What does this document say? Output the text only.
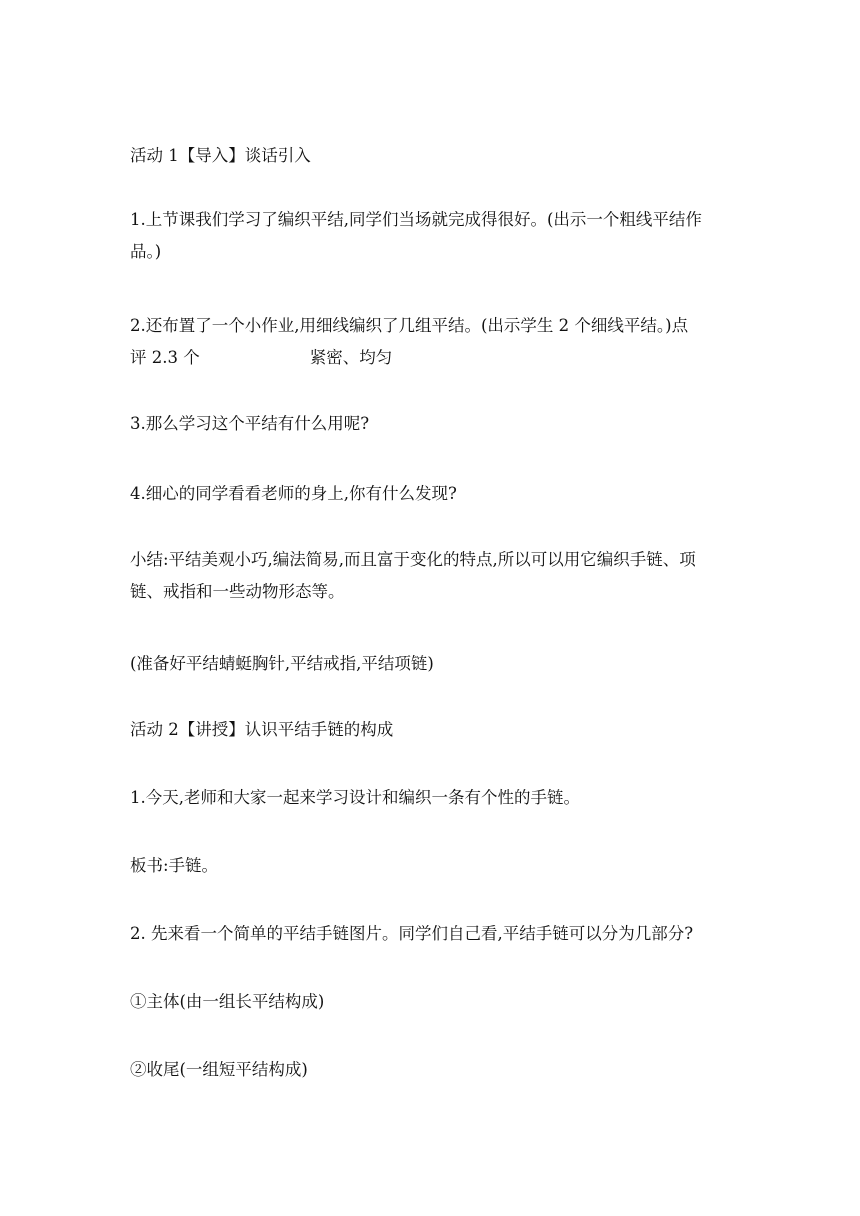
活动 1【导入】谈话引入

1.上节课我们学习了编织平结,同学们当场就完成得很好。(出示一个粗线平结作
品。)

2.还布置了一个小作业,用细线编织了几组平结。(出示学生 2 个细线平结。)点
评 2.3 个	紧密、均匀

3.那么学习这个平结有什么用呢?

4.细心的同学看看老师的身上,你有什么发现?

小结:平结美观小巧,编法简易,而且富于变化的特点,所以可以用它编织手链、项
链、戒指和一些动物形态等。

(准备好平结蜻蜓胸针,平结戒指,平结项链)

活动 2【讲授】认识平结手链的构成

1.今天,老师和大家一起来学习设计和编织一条有个性的手链。

板书:手链。

2. 先来看一个简单的平结手链图片。同学们自己看,平结手链可以分为几部分?

①主体(由一组长平结构成)

②收尾(一组短平结构成)
